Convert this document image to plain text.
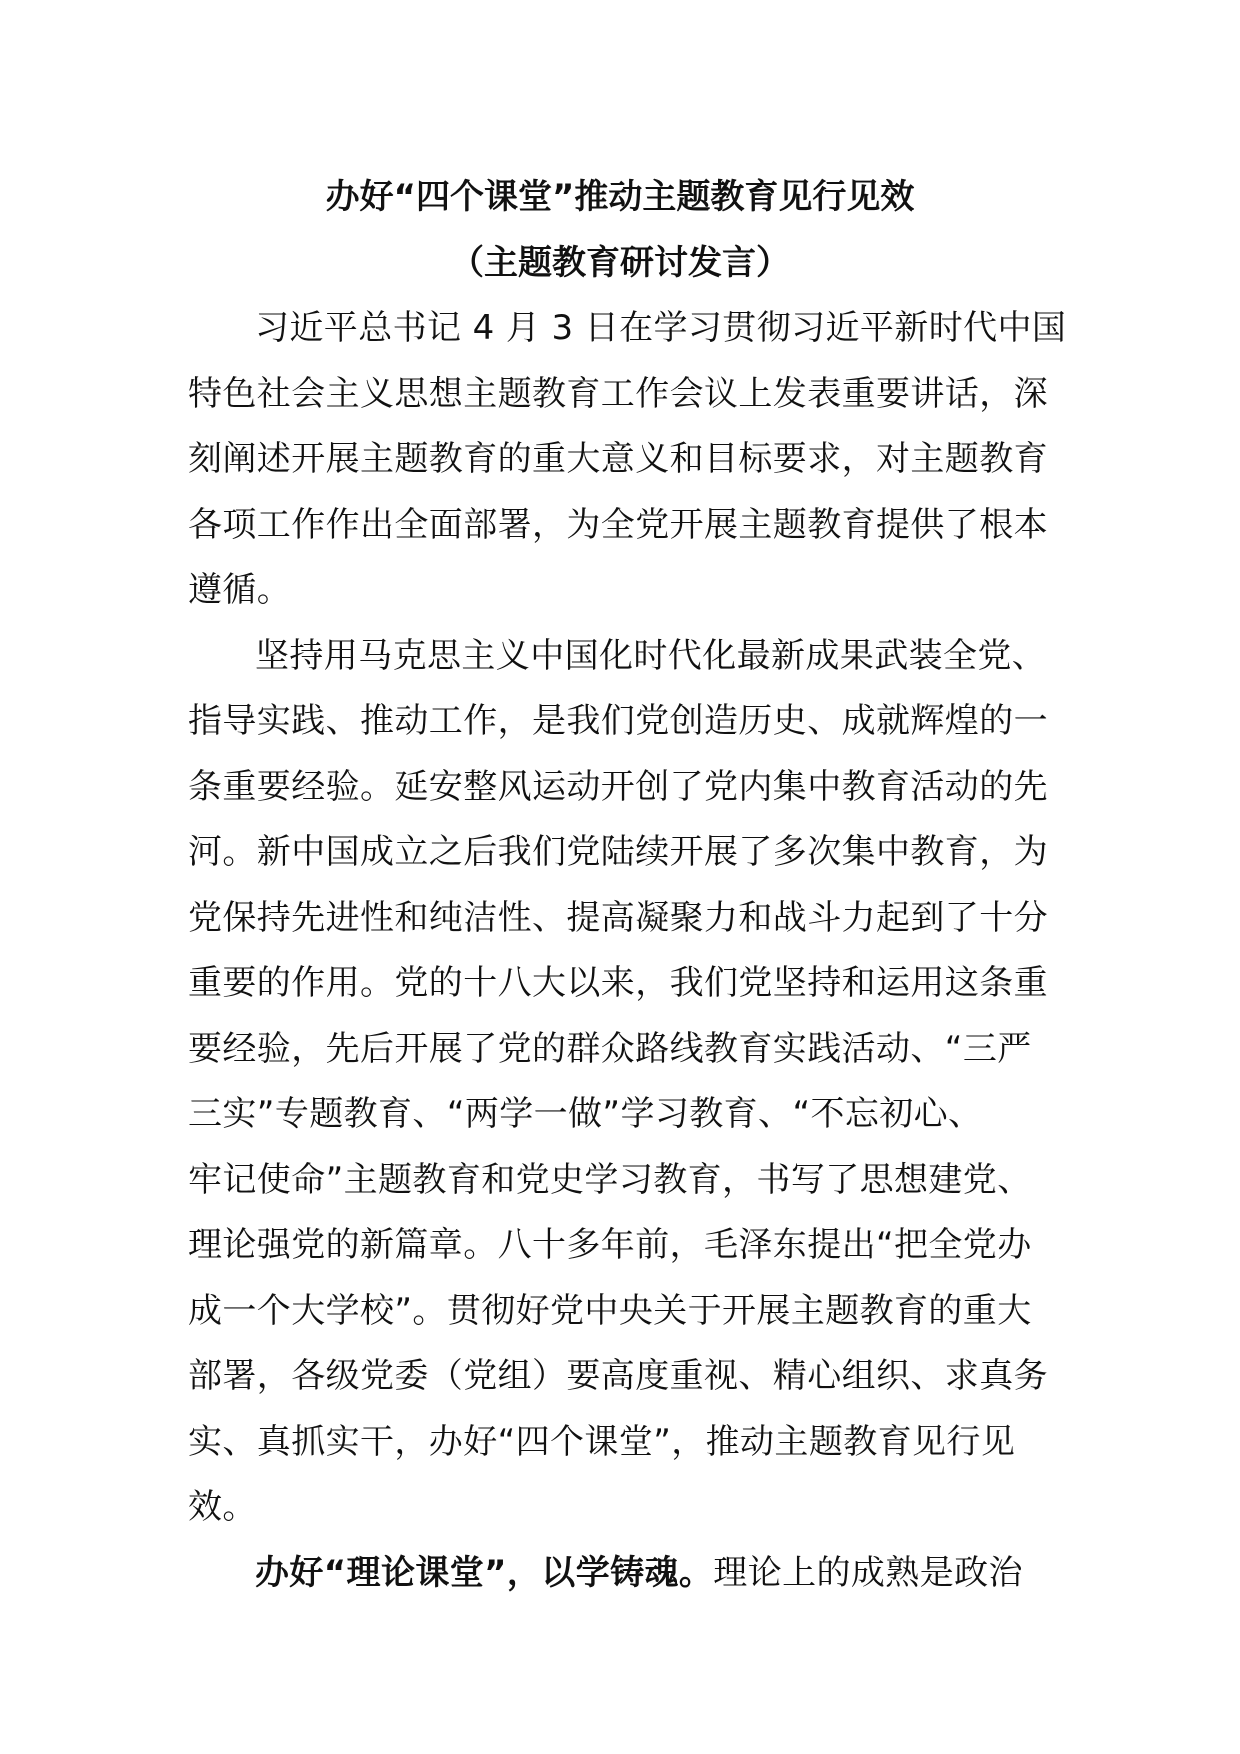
办好“四个课堂”推动主题教育见行见效
（主题教育研讨发言）
习近平总书记 4 月 3 日在学习贯彻习近平新时代中国
特色社会主义思想主题教育工作会议上发表重要讲话，深
刻阐述开展主题教育的重大意义和目标要求，对主题教育
各项工作作出全面部署，为全党开展主题教育提供了根本
遵循。
坚持用马克思主义中国化时代化最新成果武装全党、
指导实践、推动工作，是我们党创造历史、成就辉煌的一
条重要经验。延安整风运动开创了党内集中教育活动的先
河。新中国成立之后我们党陆续开展了多次集中教育，为
党保持先进性和纯洁性、提高凝聚力和战斗力起到了十分
重要的作用。党的十八大以来，我们党坚持和运用这条重
要经验，先后开展了党的群众路线教育实践活动、“三严
三实”专题教育、“两学一做”学习教育、“不忘初心、
牢记使命”主题教育和党史学习教育，书写了思想建党、
理论强党的新篇章。八十多年前，毛泽东提出“把全党办
成一个大学校”。贯彻好党中央关于开展主题教育的重大
部署，各级党委（党组）要高度重视、精心组织、求真务
实、真抓实干，办好“四个课堂”，推动主题教育见行见
效。
办好“理论课堂”，以学铸魂。理论上的成熟是政治
